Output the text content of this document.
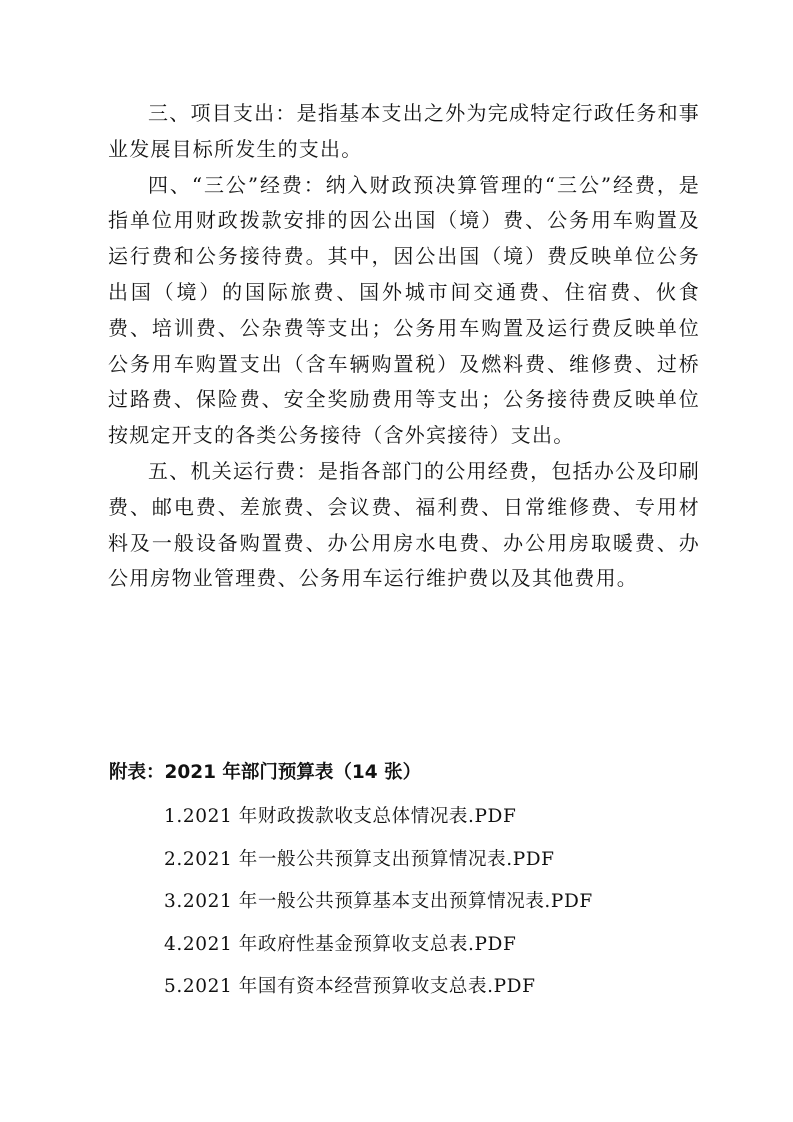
三、项目支出：是指基本支出之外为完成特定行政任务和事业发展目标所发生的支出。

四、“三公”经费：纳入财政预决算管理的“三公”经费，是指单位用财政拨款安排的因公出国（境）费、公务用车购置及运行费和公务接待费。其中，因公出国（境）费反映单位公务出国（境）的国际旅费、国外城市间交通费、住宿费、伙食费、培训费、公杂费等支出；公务用车购置及运行费反映单位公务用车购置支出（含车辆购置税）及燃料费、维修费、过桥过路费、保险费、安全奖励费用等支出；公务接待费反映单位按规定开支的各类公务接待（含外宾接待）支出。

五、机关运行费：是指各部门的公用经费，包括办公及印刷费、邮电费、差旅费、会议费、福利费、日常维修费、专用材料及一般设备购置费、办公用房水电费、办公用房取暖费、办公用房物业管理费、公务用车运行维护费以及其他费用。

附表：2021 年部门预算表（14 张）

1.2021 年财政拨款收支总体情况表.PDF
2.2021 年一般公共预算支出预算情况表.PDF
3.2021 年一般公共预算基本支出预算情况表.PDF
4.2021 年政府性基金预算收支总表.PDF
5.2021 年国有资本经营预算收支总表.PDF
